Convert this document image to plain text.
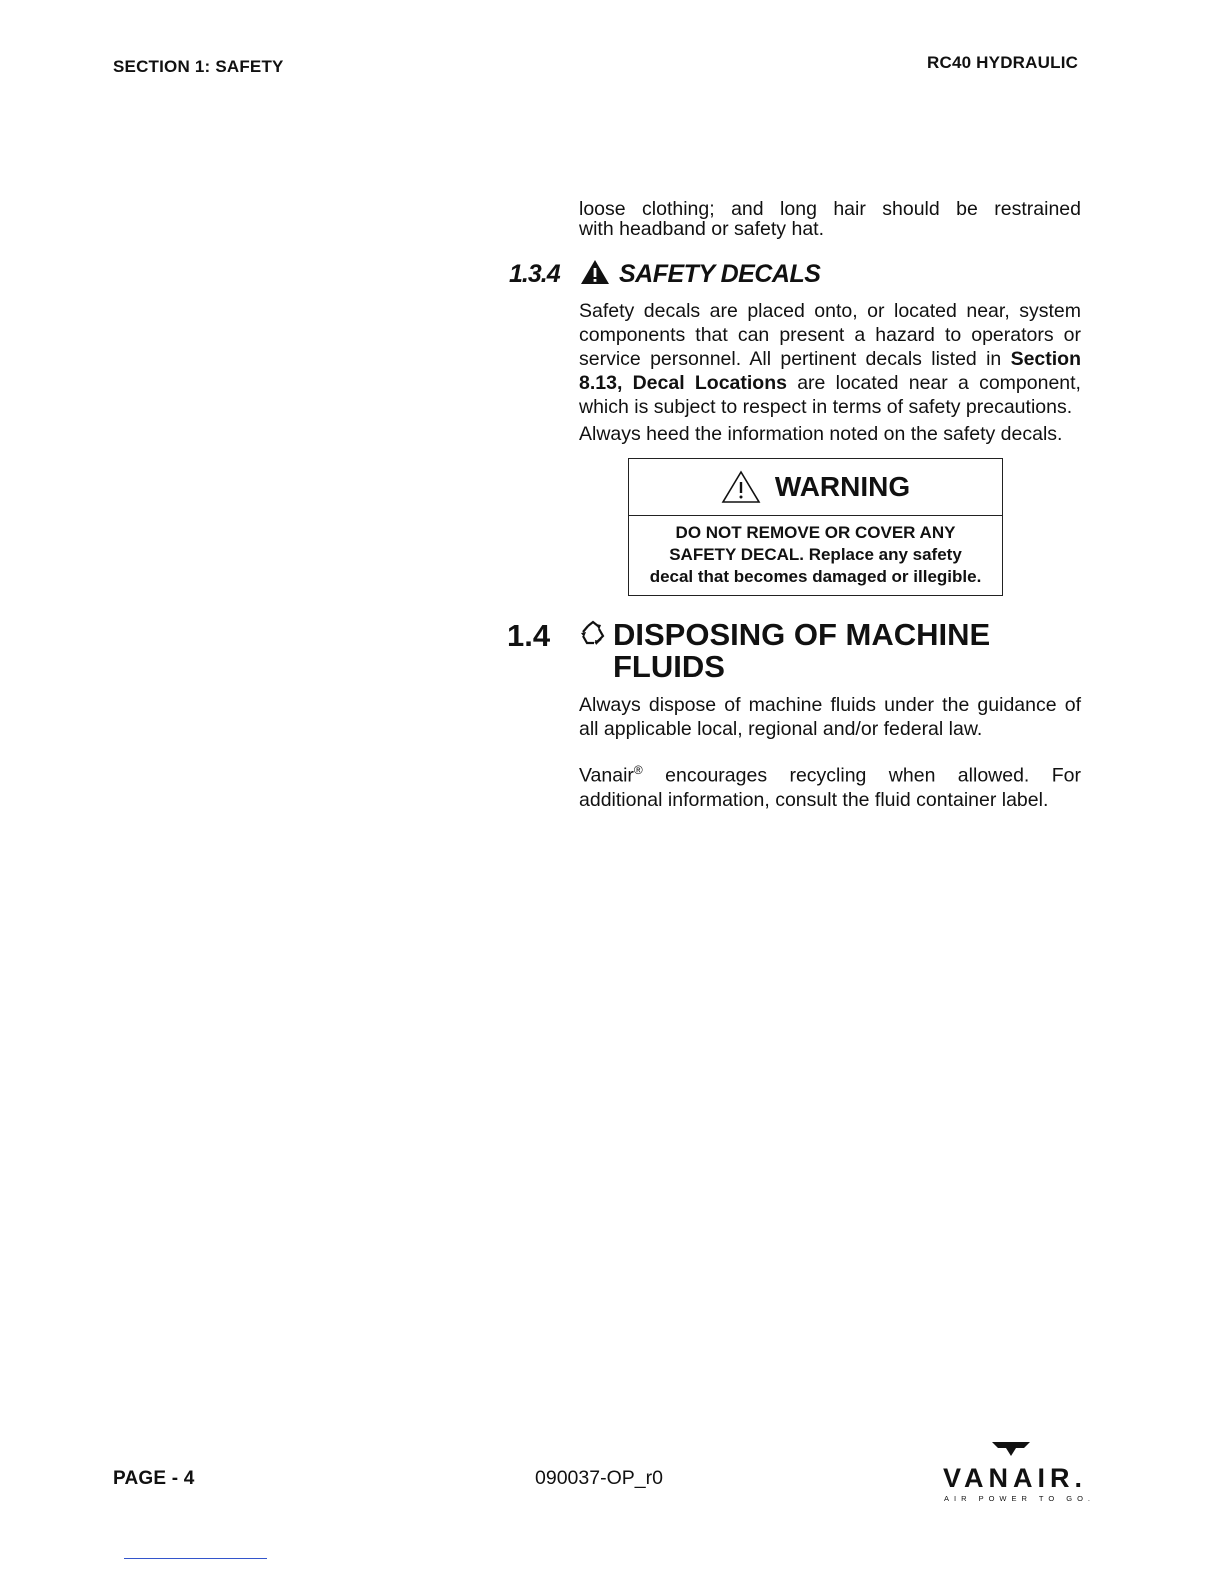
SECTION 1: SAFETY	RC40 HYDRAULIC
loose clothing; and long hair should be restrained
with headband or safety hat.
1.3.4 SAFETY DECALS
Safety decals are placed onto, or located near, system components that can present a hazard to operators or service personnel. All pertinent decals listed in Section 8.13, Decal Locations are located near a component, which is subject to respect in terms of safety precautions.
Always heed the information noted on the safety decals.
WARNING
DO NOT REMOVE OR COVER ANY
SAFETY DECAL. Replace any safety
decal that becomes damaged or illegible.
1.4 DISPOSING OF MACHINE
FLUIDS
Always dispose of machine fluids under the guidance of all applicable local, regional and/or federal law.
Vanair® encourages recycling when allowed. For additional information, consult the fluid container label.
PAGE - 4	090037-OP_r0	VANAIR.
AIR POWER TO GO.
